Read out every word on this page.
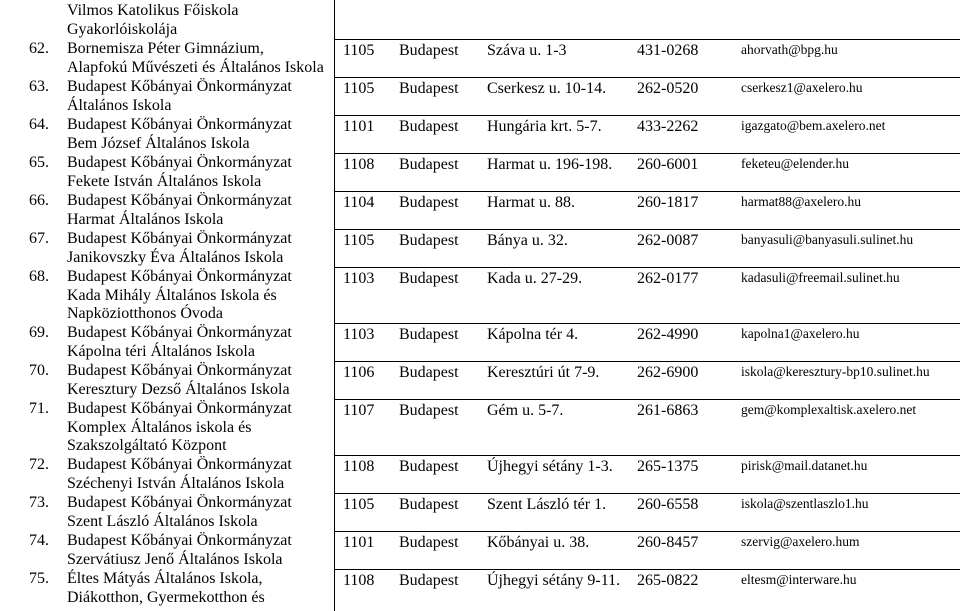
Vilmos Katolikus Főiskola
Gyakorlóiskolája
62. Bornemisza Péter Gimnázium,
Alapfokú Művészeti és Általános Iskola
1105 Budapest Száva u. 1-3	431-0268	ahorvath@bpg.hu
63. Budapest Kőbányai Önkormányzat
Általános Iskola
1105 Budapest Cserkesz u. 10-14. 262-0520	cserkesz1@axelero.hu
64. Budapest Kőbányai Önkormányzat
Bem József Általános Iskola
1101 Budapest Hungária krt. 5-7. 433-2262	igazgato@bem.axelero.net
65. Budapest Kőbányai Önkormányzat
Fekete István Általános Iskola
1108 Budapest Harmat u. 196-198. 260-6001	feketeu@elender.hu
66. Budapest Kőbányai Önkormányzat
Harmat Általános Iskola
1104 Budapest Harmat u. 88.	260-1817	harmat88@axelero.hu
67. Budapest Kőbányai Önkormányzat
Janikovszky Éva Általános Iskola
1105 Budapest Bánya u. 32.	262-0087	banyasuli@banyasuli.sulinet.hu
68. Budapest Kőbányai Önkormányzat
Kada Mihály Általános Iskola és
Napköziotthonos Óvoda
1103 Budapest Kada u. 27-29.	262-0177	kadasuli@freemail.sulinet.hu
69. Budapest Kőbányai Önkormányzat
Kápolna téri Általános Iskola
1103 Budapest Kápolna tér 4.	262-4990	kapolna1@axelero.hu
70. Budapest Kőbányai Önkormányzat
Keresztury Dezső Általános Iskola
1106 Budapest Keresztúri út 7-9. 262-6900	iskola@keresztury-bp10.sulinet.hu
71. Budapest Kőbányai Önkormányzat
Komplex Általános iskola és
Szakszolgáltató Központ
1107 Budapest Gém u. 5-7.	261-6863	gem@komplexaltisk.axelero.net
72. Budapest Kőbányai Önkormányzat
Széchenyi István Általános Iskola
1108 Budapest Újhegyi sétány 1-3. 265-1375	pirisk@mail.datanet.hu
73. Budapest Kőbányai Önkormányzat
Szent László Általános Iskola
1105 Budapest Szent László tér 1. 260-6558	iskola@szentlaszlo1.hu
74. Budapest Kőbányai Önkormányzat
Szervátiusz Jenő Általános Iskola
1101 Budapest Kőbányai u. 38.	260-8457	szervig@axelero.hum
75. Éltes Mátyás Általános Iskola,
Diákotthon, Gyermekotthon és
1108 Budapest Újhegyi sétány 9-11. 265-0822	eltesm@interware.hu
